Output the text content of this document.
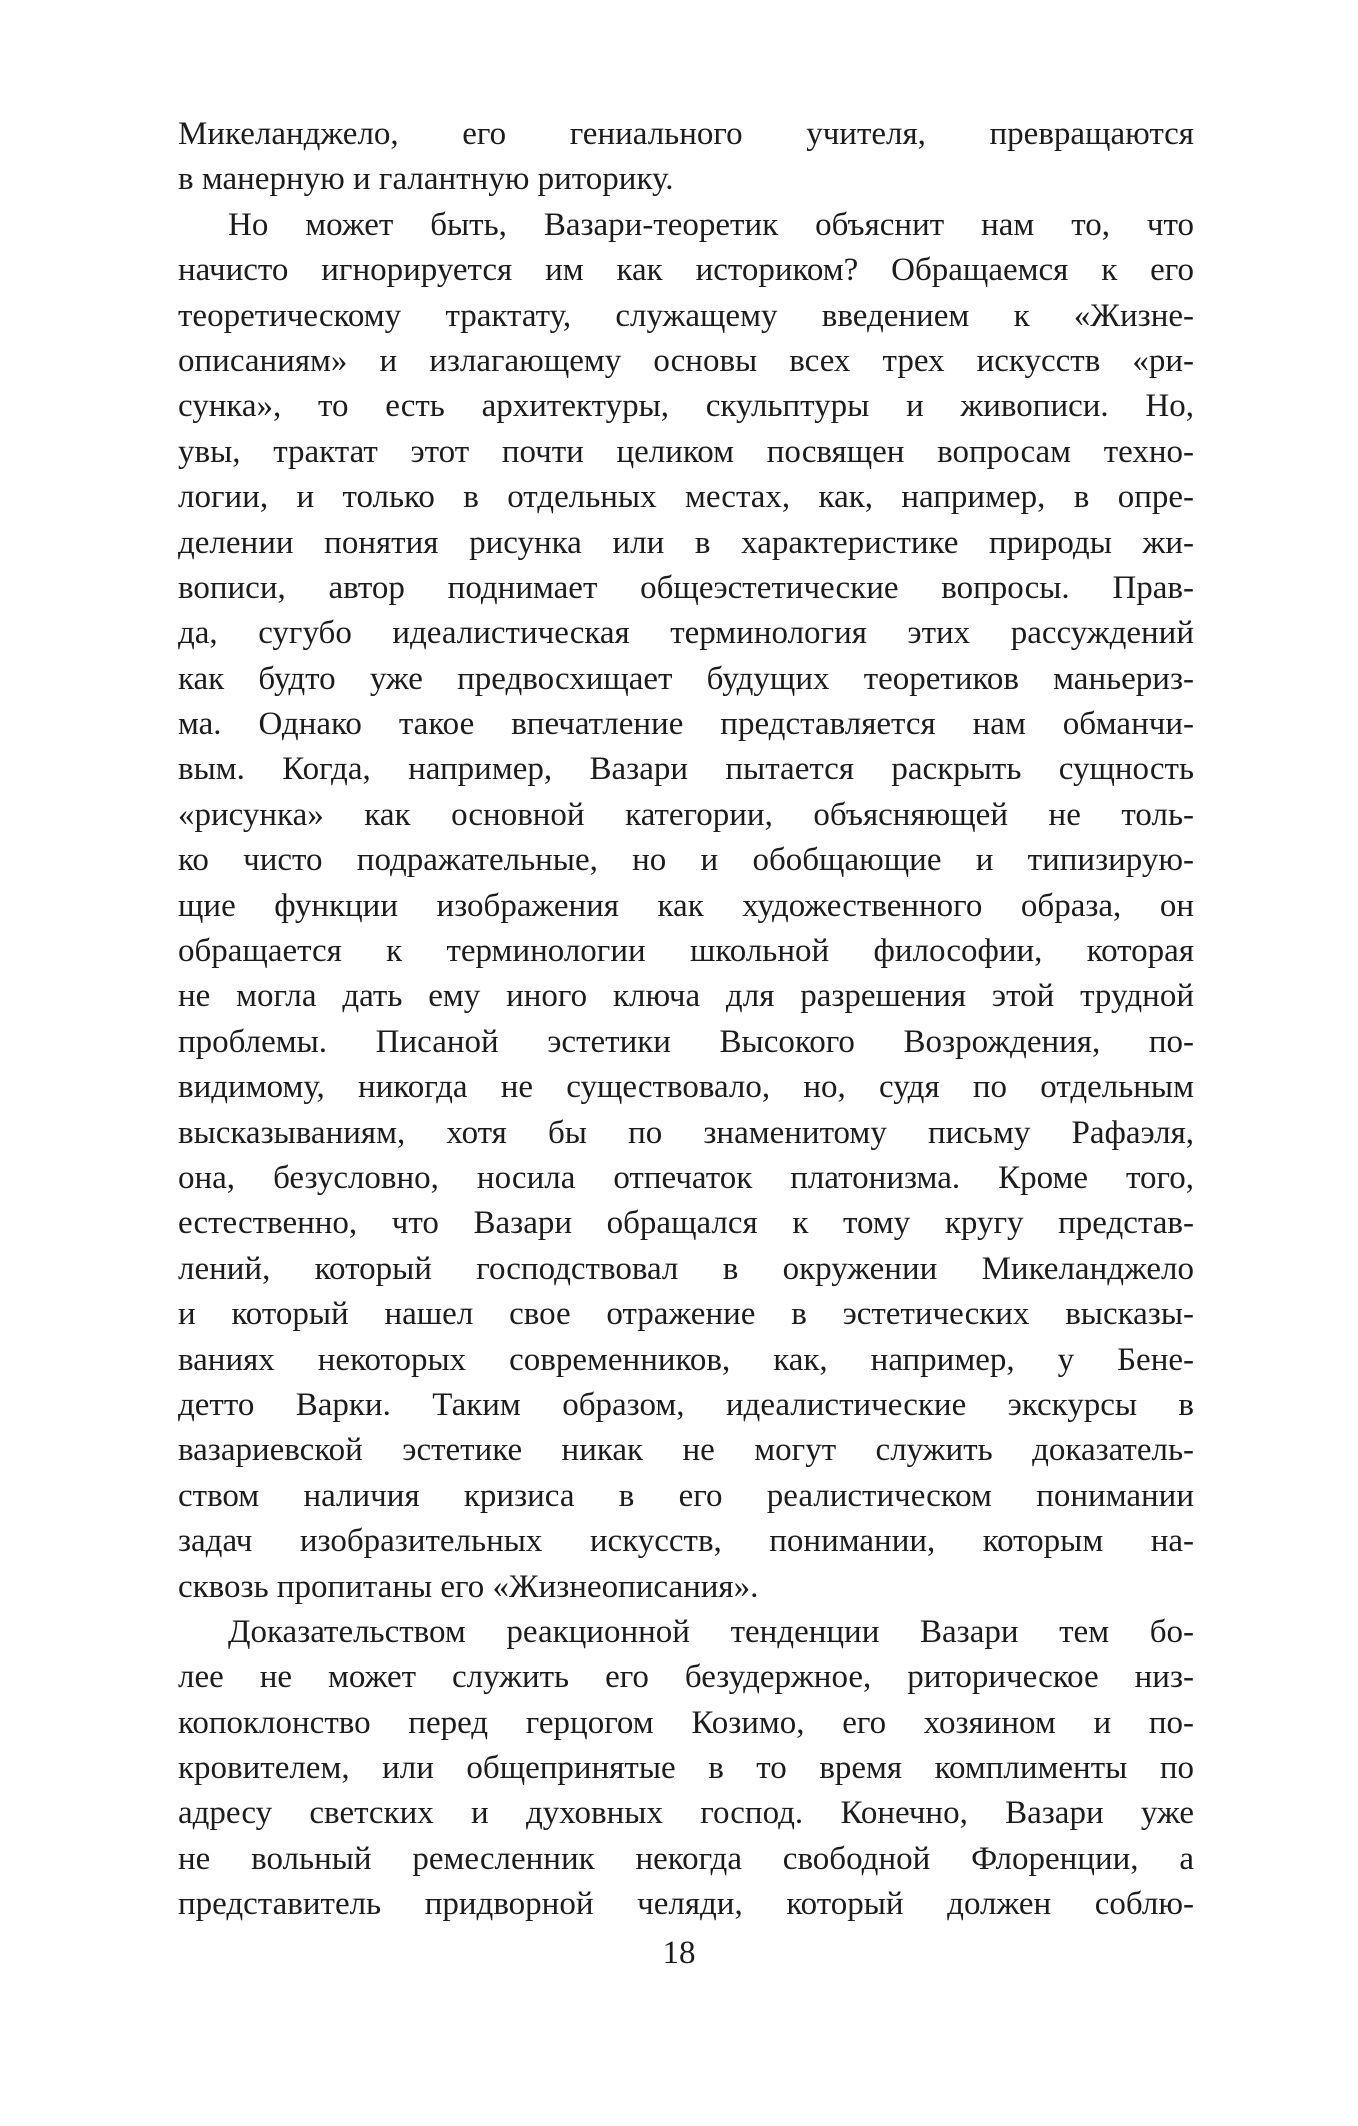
Микеланджело, его гениального учителя, превращаются
в манерную и галантную риторику.
Но может быть, Вазари-теоретик объяснит нам то, что
начисто игнорируется им как историком? Обращаемся к его
теоретическому трактату, служащему введением к «Жизне-
описаниям» и излагающему основы всех трех искусств «ри-
сунка», то есть архитектуры, скульптуры и живописи. Но,
увы, трактат этот почти целиком посвящен вопросам техно-
логии, и только в отдельных местах, как, например, в опре-
делении понятия рисунка или в характеристике природы жи-
вописи, автор поднимает общеэстетические вопросы. Прав-
да, сугубо идеалистическая терминология этих рассуждений
как будто уже предвосхищает будущих теоретиков маньериз-
ма. Однако такое впечатление представляется нам обманчи-
вым. Когда, например, Вазари пытается раскрыть сущность
«рисунка» как основной категории, объясняющей не толь-
ко чисто подражательные, но и обобщающие и типизирую-
щие функции изображения как художественного образа, он
обращается к терминологии школьной философии, которая
не могла дать ему иного ключа для разрешения этой трудной
проблемы. Писаной эстетики Высокого Возрождения, по-
видимому, никогда не существовало, но, судя по отдельным
высказываниям, хотя бы по знаменитому письму Рафаэля,
она, безусловно, носила отпечаток платонизма. Кроме того,
естественно, что Вазари обращался к тому кругу представ-
лений, который господствовал в окружении Микеланджело
и который нашел свое отражение в эстетических высказы-
ваниях некоторых современников, как, например, у Бене-
детто Варки. Таким образом, идеалистические экскурсы в
вазариевской эстетике никак не могут служить доказатель-
ством наличия кризиса в его реалистическом понимании
задач изобразительных искусств, понимании, которым на-
сквозь пропитаны его «Жизнеописания».
Доказательством реакционной тенденции Вазари тем бо-
лее не может служить его безудержное, риторическое низ-
копоклонство перед герцогом Козимо, его хозяином и по-
кровителем, или общепринятые в то время комплименты по
адресу светских и духовных господ. Конечно, Вазари уже
не вольный ремесленник некогда свободной Флоренции, а
представитель придворной челяди, который должен соблю-
18
